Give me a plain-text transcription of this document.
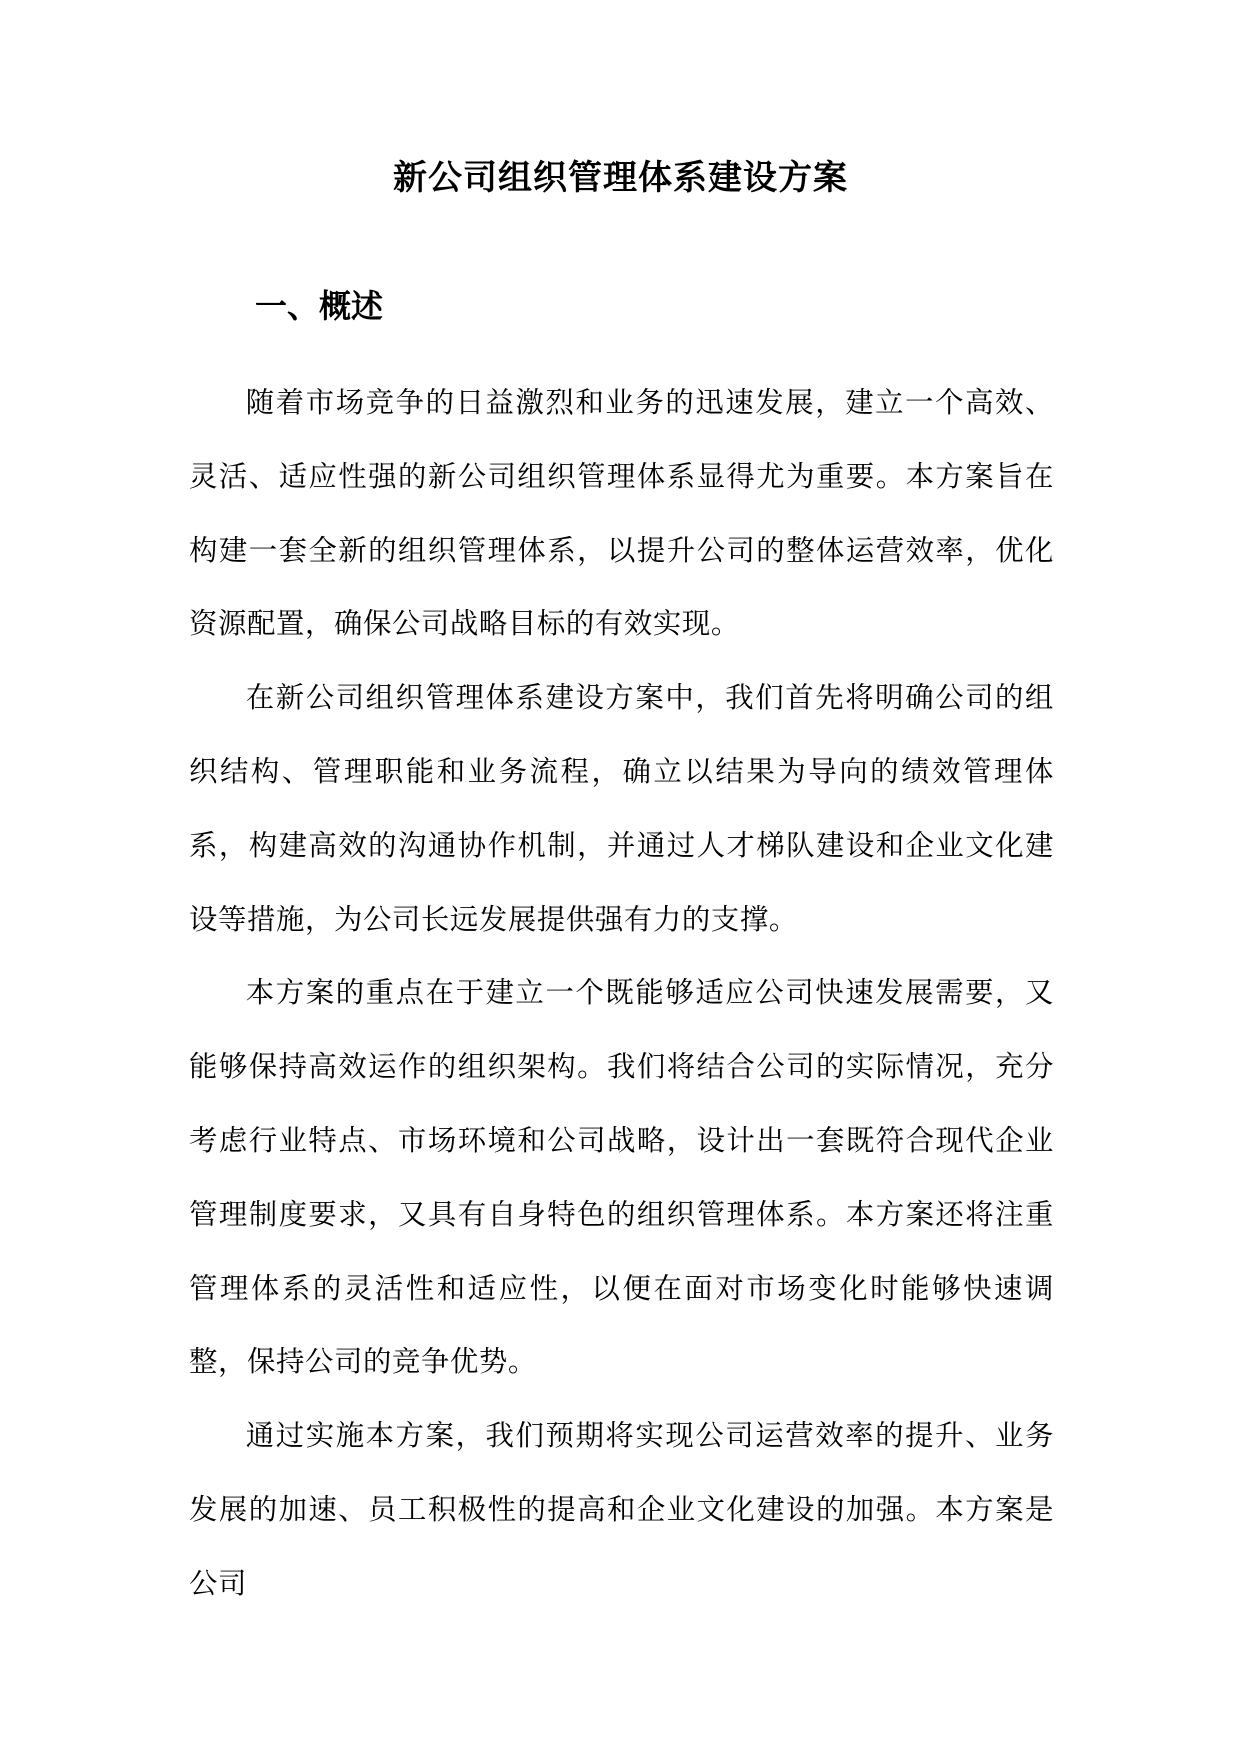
新公司组织管理体系建设方案
一、概述

随着市场竞争的日益激烈和业务的迅速发展，建立一个高效、灵活、适应性强的新公司组织管理体系显得尤为重要。本方案旨在构建一套全新的组织管理体系，以提升公司的整体运营效率，优化资源配置，确保公司战略目标的有效实现。

在新公司组织管理体系建设方案中，我们首先将明确公司的组织结构、管理职能和业务流程，确立以结果为导向的绩效管理体系，构建高效的沟通协作机制，并通过人才梯队建设和企业文化建设等措施，为公司长远发展提供强有力的支撑。

本方案的重点在于建立一个既能够适应公司快速发展需要，又能够保持高效运作的组织架构。我们将结合公司的实际情况，充分考虑行业特点、市场环境和公司战略，设计出一套既符合现代企业管理制度要求，又具有自身特色的组织管理体系。本方案还将注重管理体系的灵活性和适应性，以便在面对市场变化时能够快速调整，保持公司的竞争优势。

通过实施本方案，我们预期将实现公司运营效率的提升、业务发展的加速、员工积极性的提高和企业文化建设的加强。本方案是公司
